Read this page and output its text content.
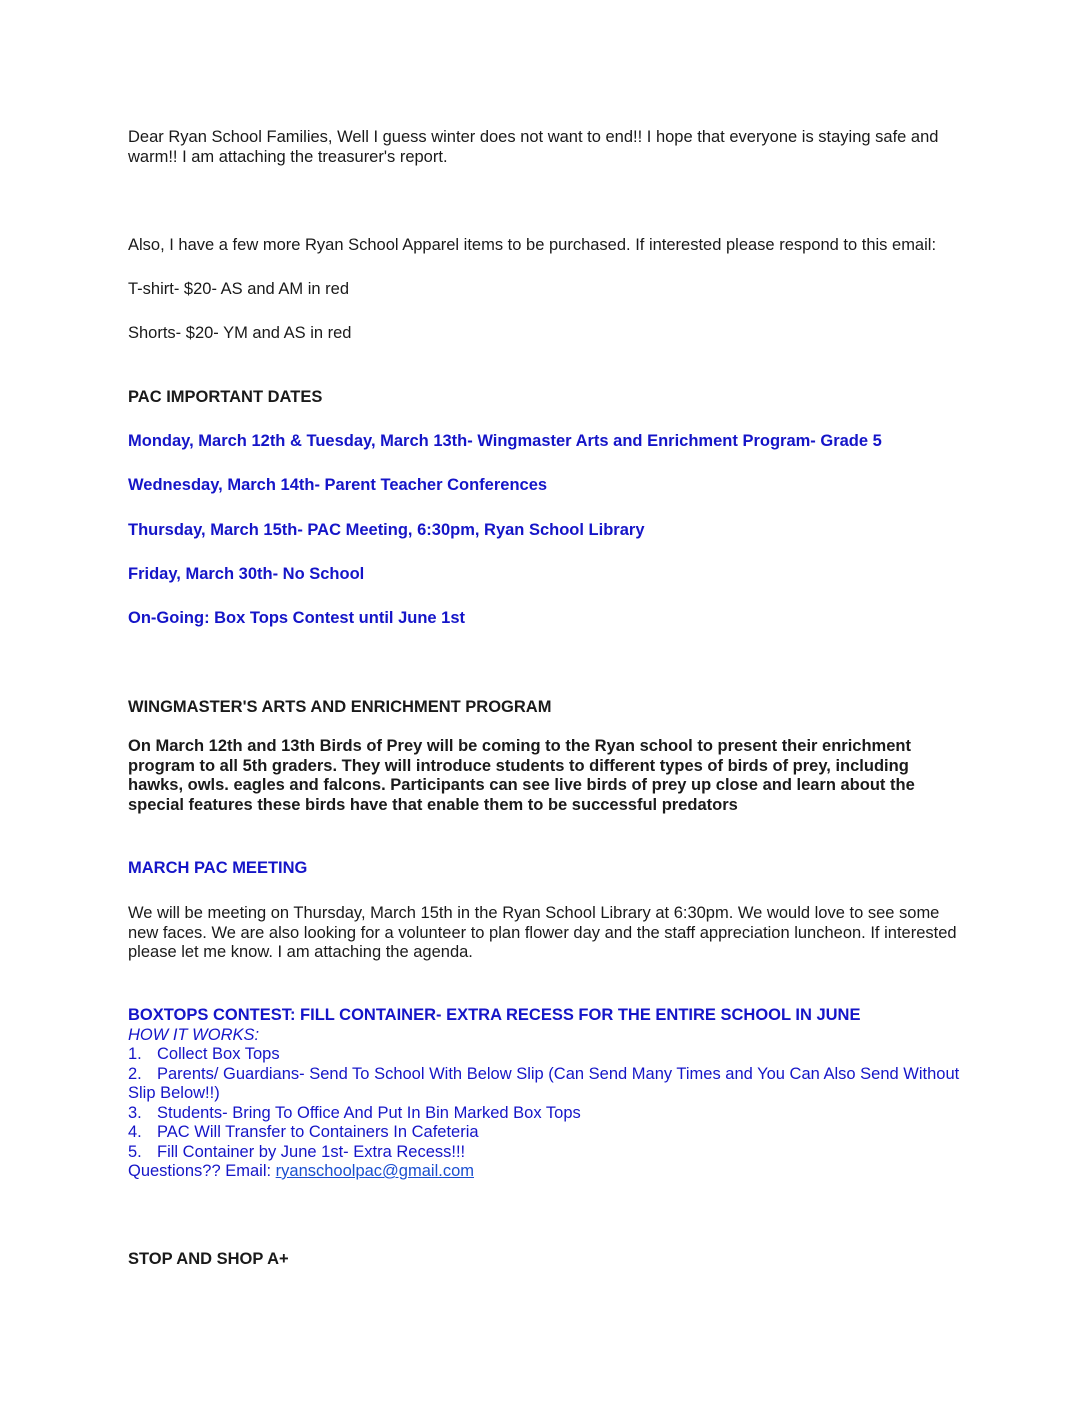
Dear Ryan School Families, Well I guess winter does not want to end!! I hope that everyone is staying safe and warm!! I am attaching the treasurer's report.

Also, I have a few more Ryan School Apparel items to be purchased. If interested please respond to this email:

T-shirt- $20- AS and AM in red

Shorts- $20- YM and AS in red

PAC IMPORTANT DATES

Monday, March 12th & Tuesday, March 13th- Wingmaster Arts and Enrichment Program- Grade 5

Wednesday, March 14th- Parent Teacher Conferences

Thursday, March 15th- PAC Meeting, 6:30pm, Ryan School Library

Friday, March 30th- No School

On-Going: Box Tops Contest until June 1st

WINGMASTER'S ARTS AND ENRICHMENT PROGRAM

On March 12th and 13th Birds of Prey will be coming to the Ryan school to present their enrichment program to all 5th graders. They will introduce students to different types of birds of prey, including hawks, owls. eagles and falcons. Participants can see live birds of prey up close and learn about the special features these birds have that enable them to be successful predators

MARCH PAC MEETING

We will be meeting on Thursday, March 15th in the Ryan School Library at 6:30pm. We would love to see some new faces. We are also looking for a volunteer to plan flower day and the staff appreciation luncheon. If interested please let me know. I am attaching the agenda.

BOXTOPS CONTEST: FILL CONTAINER- EXTRA RECESS FOR THE ENTIRE SCHOOL IN JUNE
HOW IT WORKS:
1. Collect Box Tops
2. Parents/ Guardians- Send To School With Below Slip (Can Send Many Times and You Can Also Send Without Slip Below!!)
3. Students- Bring To Office And Put In Bin Marked Box Tops
4. PAC Will Transfer to Containers In Cafeteria
5. Fill Container by June 1st- Extra Recess!!!
Questions?? Email: ryanschoolpac@gmail.com

STOP AND SHOP A+
